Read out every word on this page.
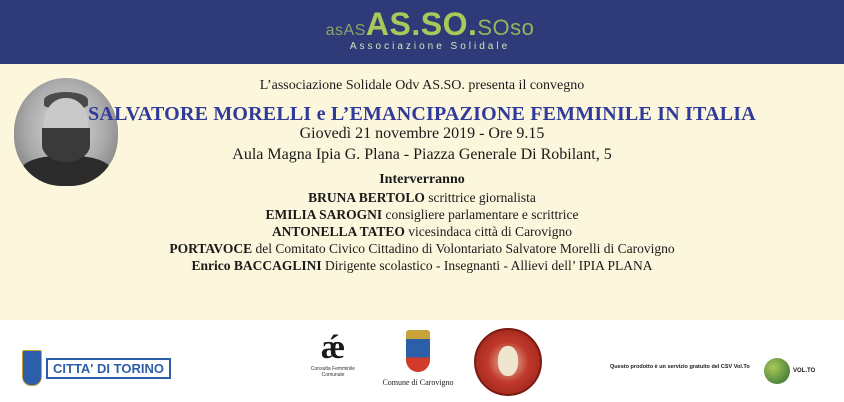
asASAS.SO.SOso
Associazione Solidale
L’associazione Solidale Odv AS.SO. presenta il convegno
SALVATORE MORELLI e L’EMANCIPAZIONE FEMMINILE IN ITALIA
Giovedì 21 novembre 2019 - Ore 9.15
Aula Magna Ipia G. Plana - Piazza Generale Di Robilant, 5
Interverranno
BRUNA BERTOLO scrittrice giornalista
EMILIA SAROGNI consigliere parlamentare e scrittrice
ANTONELLA TATEO vicesindaca città di Carovigno
PORTAVOCE del Comitato Civico Cittadino di Volontariato Salvatore Morelli di Carovigno
Enrico BACCAGLINI Dirigente scolastico - Insegnanti - Allievi dell’ IPIA PLANA
CITTA' DI TORINO
ǽ
Consulta Femminile Comunale
Comune di Carovigno
Questo prodotto è un servizio gratuito del CSV Vol.To
VOL.TO
